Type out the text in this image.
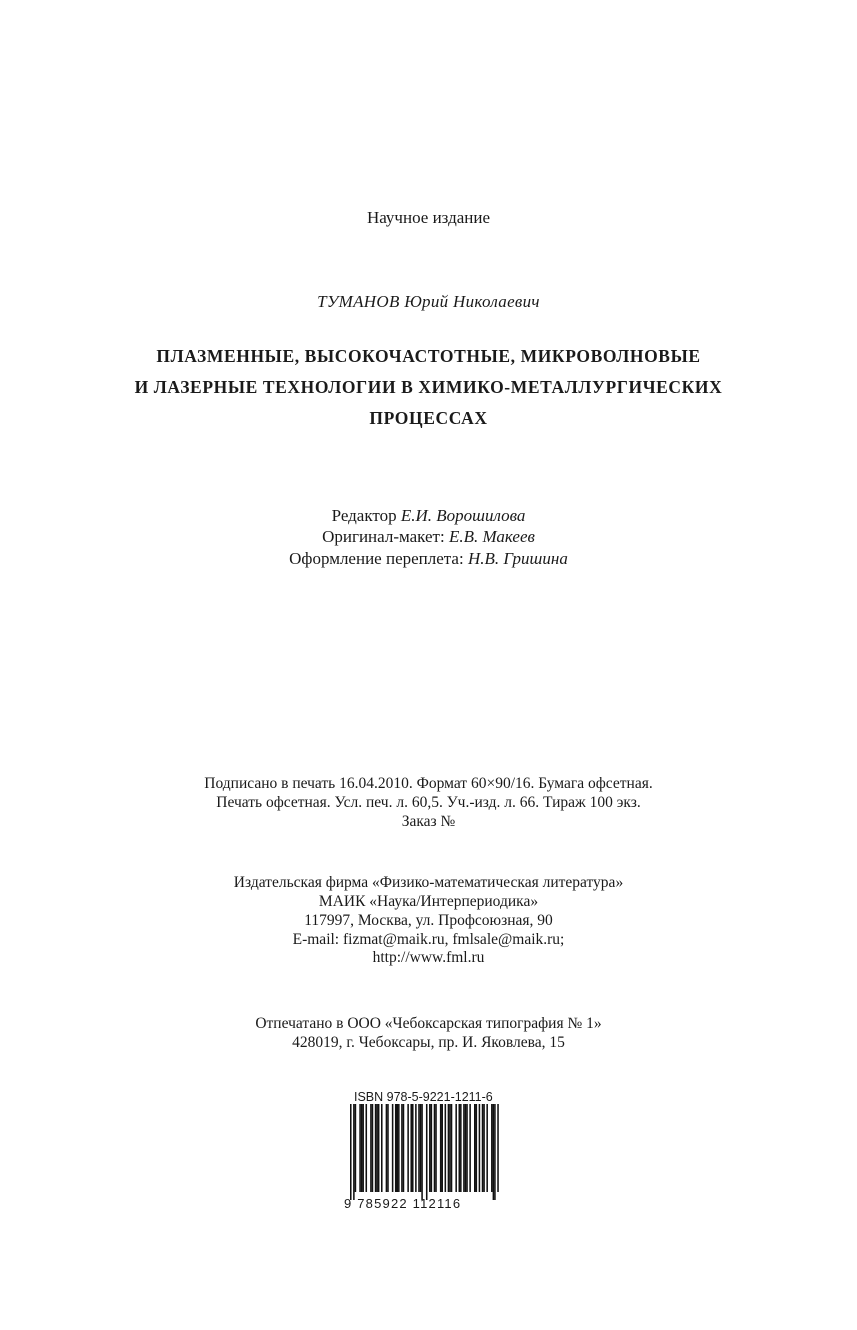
Научное издание
ТУМАНОВ Юрий Николаевич
ПЛАЗМЕННЫЕ, ВЫСОКОЧАСТОТНЫЕ, МИКРОВОЛНОВЫЕ
И ЛАЗЕРНЫЕ ТЕХНОЛОГИИ В ХИМИКО-МЕТАЛЛУРГИЧЕСКИХ
ПРОЦЕССАХ
Редактор Е.И. Ворошилова
Оригинал-макет: Е.В. Макеев
Оформление переплета: Н.В. Гришина
Подписано в печать 16.04.2010. Формат 60×90/16. Бумага офсетная.
Печать офсетная. Усл. печ. л. 60,5. Уч.-изд. л. 66. Тираж 100 экз.
Заказ №
Издательская фирма «Физико-математическая литература»
МАИК «Наука/Интерпериодика»
117997, Москва, ул. Профсоюзная, 90
E-mail: fizmat@maik.ru, fmlsale@maik.ru;
http://www.fml.ru
Отпечатано в ООО «Чебоксарская типография № 1»
428019, г. Чебоксары, пр. И. Яковлева, 15
ISBN 978-5-9221-1211-6
9 785922 112116
